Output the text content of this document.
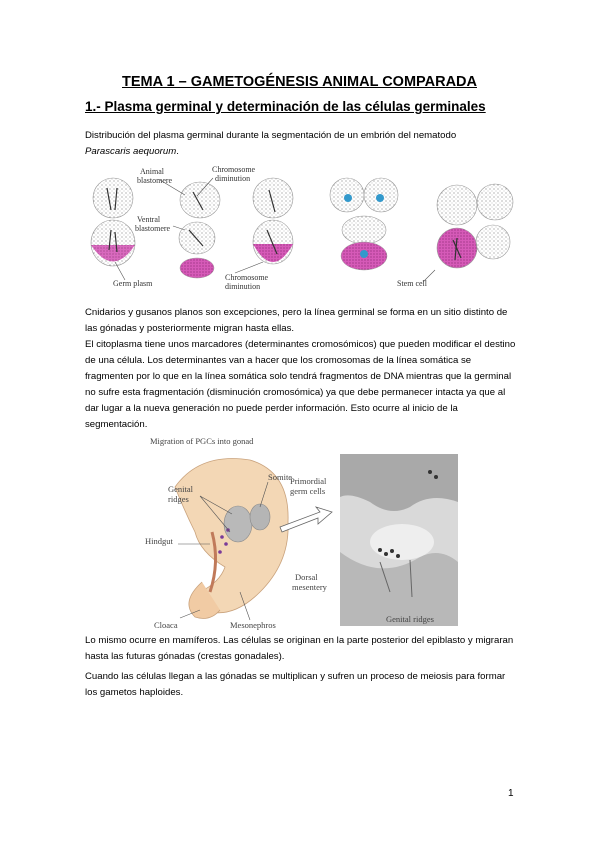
TEMA 1 – GAMETOGÉNESIS ANIMAL COMPARADA
1.- Plasma germinal y determinación de las células germinales
Distribución del plasma germinal durante la segmentación de un embrión del nematodo
Parascaris aequorum.
Animal
blastomere
Chromosome
diminution
Ventral
blastomere
Germ plasm
Chromosome
diminution	Stem cell
Cnidarios y gusanos planos son excepciones, pero la línea germinal se forma en un sitio distinto de las gónadas y posteriormente migran hasta ellas.
El citoplasma tiene unos marcadores (determinantes cromosómicos) que pueden modificar el destino de una célula. Los determinantes van a hacer que los cromosomas de la línea somática se fragmenten por lo que en la línea somática solo tendrá fragmentos de DNA mientras que la germinal no sufre esta fragmentación (disminución cromosómica) ya que debe permanecer intacta ya que al dar lugar a la nueva generación no puede perder información. Esto ocurre al inicio de la segmentación.
Migration of PGCs into gonad
Genital
ridges
Somite
Hindgut
Cloaca	Mesonephros
Primordial
germ cells
Dorsal
mesentery
Genital ridges
Lo mismo ocurre en mamíferos. Las células se originan en la parte posterior del epiblasto y migraran hasta las futuras gónadas (crestas gonadales).
Cuando las células llegan a las gónadas se multiplican y sufren un proceso de meiosis para formar los gametos haploides.
1
